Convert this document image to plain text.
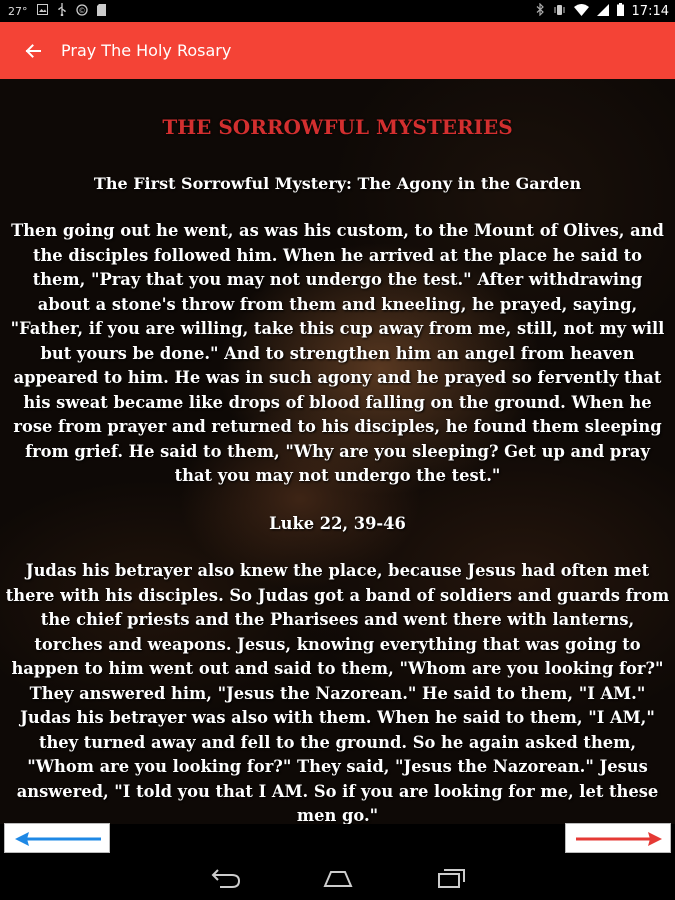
27°	©	17:14
Pray The Holy Rosary
THE SORROWFUL MYSTERIES
The First Sorrowful Mystery: The Agony in the Garden
Then going out he went, as was his custom, to the Mount of Olives, and the disciples followed him. When he arrived at the place he said to them, "Pray that you may not undergo the test." After withdrawing about a stone's throw from them and kneeling, he prayed, saying, "Father, if you are willing, take this cup away from me, still, not my will but yours be done." And to strengthen him an angel from heaven appeared to him. He was in such agony and he prayed so fervently that his sweat became like drops of blood falling on the ground. When he rose from prayer and returned to his disciples, he found them sleeping from grief. He said to them, "Why are you sleeping? Get up and pray that you may not undergo the test."
Luke 22, 39-46
Judas his betrayer also knew the place, because Jesus had often met there with his disciples. So Judas got a band of soldiers and guards from the chief priests and the Pharisees and went there with lanterns, torches and weapons. Jesus, knowing everything that was going to happen to him went out and said to them, "Whom are you looking for?" They answered him, "Jesus the Nazorean." He said to them, "I AM." Judas his betrayer was also with them. When he said to them, "I AM," they turned away and fell to the ground. So he again asked them, "Whom are you looking for?" They said, "Jesus the Nazorean." Jesus answered, "I told you that I AM. So if you are looking for me, let these men go."
